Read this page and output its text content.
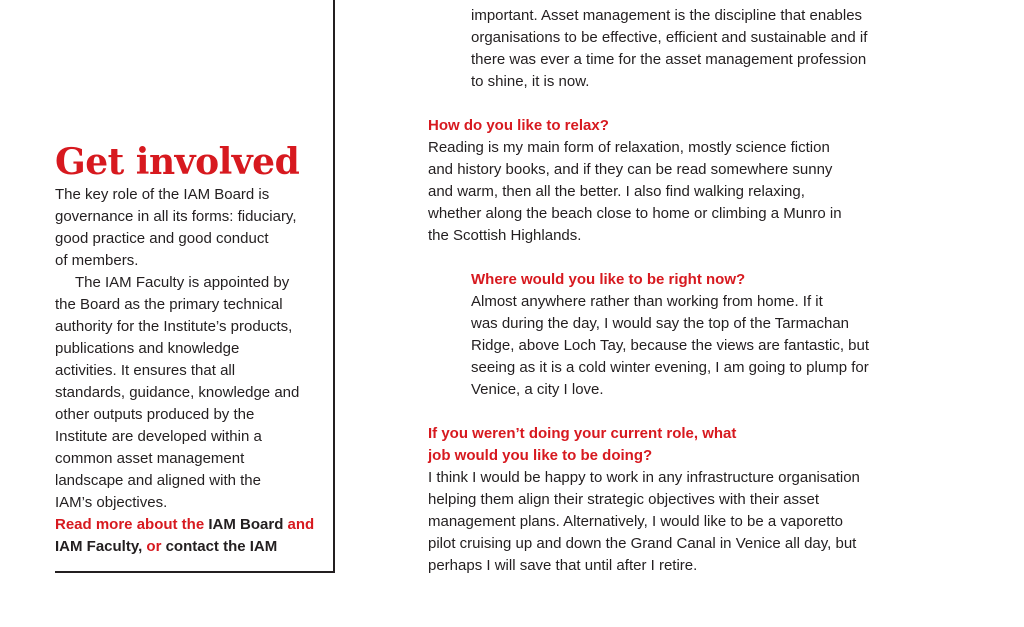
Get involved
The key role of the IAM Board is
governance in all its forms: fiduciary,
good practice and good conduct
of members.
The IAM Faculty is appointed by
the Board as the primary technical
authority for the Institute’s products,
publications and knowledge
activities. It ensures that all
standards, guidance, knowledge and
other outputs produced by the
Institute are developed within a
common asset management
landscape and aligned with the
IAM’s objectives.
Read more about the IAM Board and
IAM Faculty, or contact the IAM
important. Asset management is the discipline that enables
organisations to be effective, efficient and sustainable and if
there was ever a time for the asset management profession
to shine, it is now.
How do you like to relax?
Reading is my main form of relaxation, mostly science fiction
and history books, and if they can be read somewhere sunny
and warm, then all the better. I also find walking relaxing,
whether along the beach close to home or climbing a Munro in
the Scottish Highlands.
Where would you like to be right now?
Almost anywhere rather than working from home. If it
was during the day, I would say the top of the Tarmachan
Ridge, above Loch Tay, because the views are fantastic, but
seeing as it is a cold winter evening, I am going to plump for
Venice, a city I love.
If you weren’t doing your current role, what
job would you like to be doing?
I think I would be happy to work in any infrastructure organisation
helping them align their strategic objectives with their asset
management plans. Alternatively, I would like to be a vaporetto
pilot cruising up and down the Grand Canal in Venice all day, but
perhaps I will save that until after I retire.
